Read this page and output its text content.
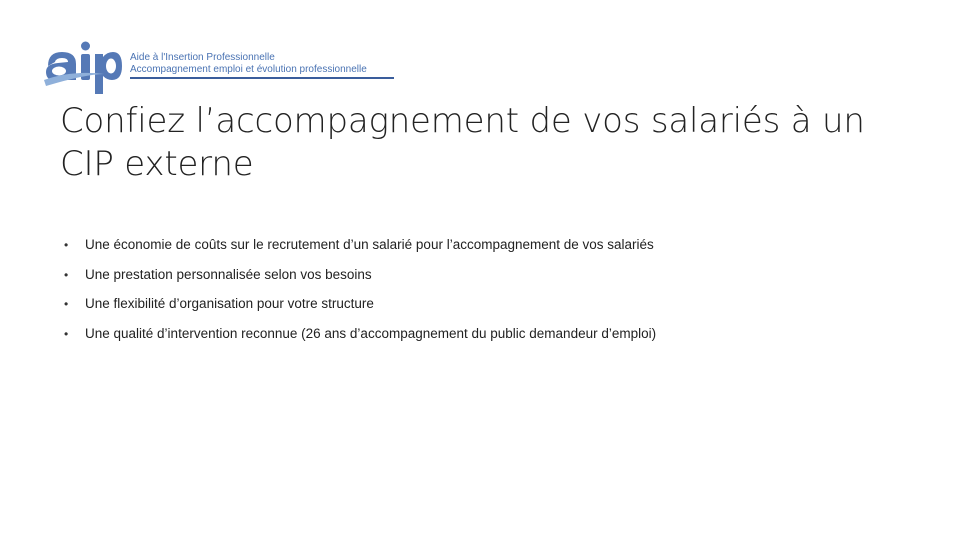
Aide à l'Insertion Professionnelle
Accompagnement emploi et évolution professionnelle
Confiez l’accompagnement de vos salariés à un CIP externe
•	Une économie de coûts sur le recrutement d’un salarié pour l’accompagnement de vos salariés
•	Une prestation personnalisée selon vos besoins
•	Une flexibilité d’organisation pour votre structure
•	Une qualité d’intervention reconnue (26 ans d’accompagnement du public demandeur d’emploi)
